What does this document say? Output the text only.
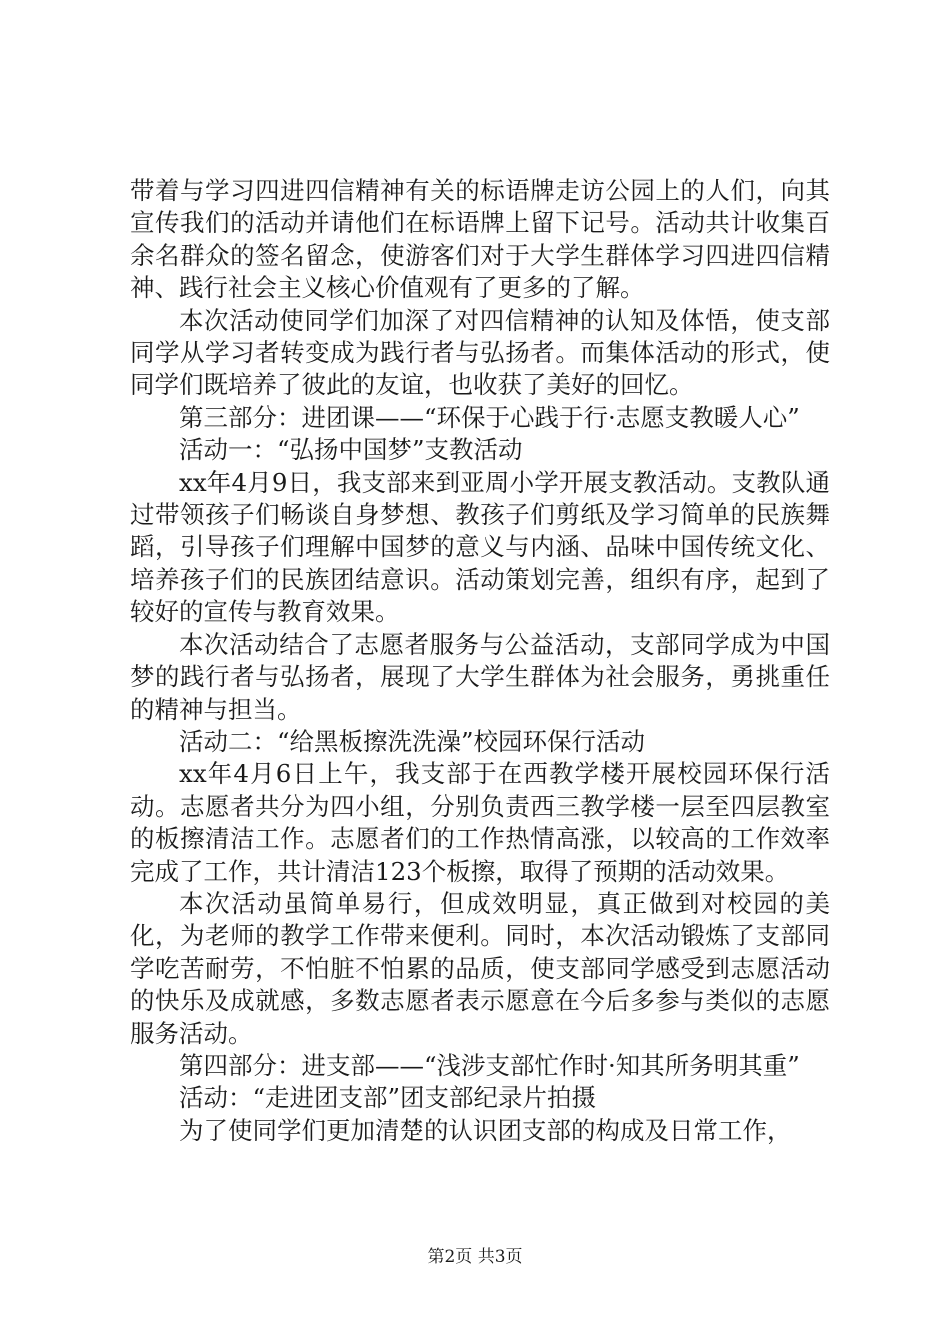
带着与学习四进四信精神有关的标语牌走访公园上的人们，向其宣传我们的活动并请他们在标语牌上留下记号。活动共计收集百余名群众的签名留念，使游客们对于大学生群体学习四进四信精神、践行社会主义核心价值观有了更多的了解。

本次活动使同学们加深了对四信精神的认知及体悟，使支部同学从学习者转变成为践行者与弘扬者。而集体活动的形式，使同学们既培养了彼此的友谊，也收获了美好的回忆。

第三部分：进团课——“环保于心践于行·志愿支教暖人心”

活动一：“弘扬中国梦”支教活动

xx年4月9日，我支部来到亚周小学开展支教活动。支教队通过带领孩子们畅谈自身梦想、教孩子们剪纸及学习简单的民族舞蹈，引导孩子们理解中国梦的意义与内涵、品味中国传统文化、培养孩子们的民族团结意识。活动策划完善，组织有序，起到了较好的宣传与教育效果。

本次活动结合了志愿者服务与公益活动，支部同学成为中国梦的践行者与弘扬者，展现了大学生群体为社会服务，勇挑重任的精神与担当。

活动二：“给黑板擦洗洗澡”校园环保行活动

xx年4月6日上午，我支部于在西教学楼开展校园环保行活动。志愿者共分为四小组，分别负责西三教学楼一层至四层教室的板擦清洁工作。志愿者们的工作热情高涨，以较高的工作效率完成了工作，共计清洁123个板擦，取得了预期的活动效果。

本次活动虽简单易行，但成效明显，真正做到对校园的美化，为老师的教学工作带来便利。同时，本次活动锻炼了支部同学吃苦耐劳，不怕脏不怕累的品质，使支部同学感受到志愿活动的快乐及成就感，多数志愿者表示愿意在今后多参与类似的志愿服务活动。

第四部分：进支部——“浅涉支部忙作时·知其所务明其重”

活动：“走进团支部”团支部纪录片拍摄

为了使同学们更加清楚的认识团支部的构成及日常工作，

第2页 共3页
